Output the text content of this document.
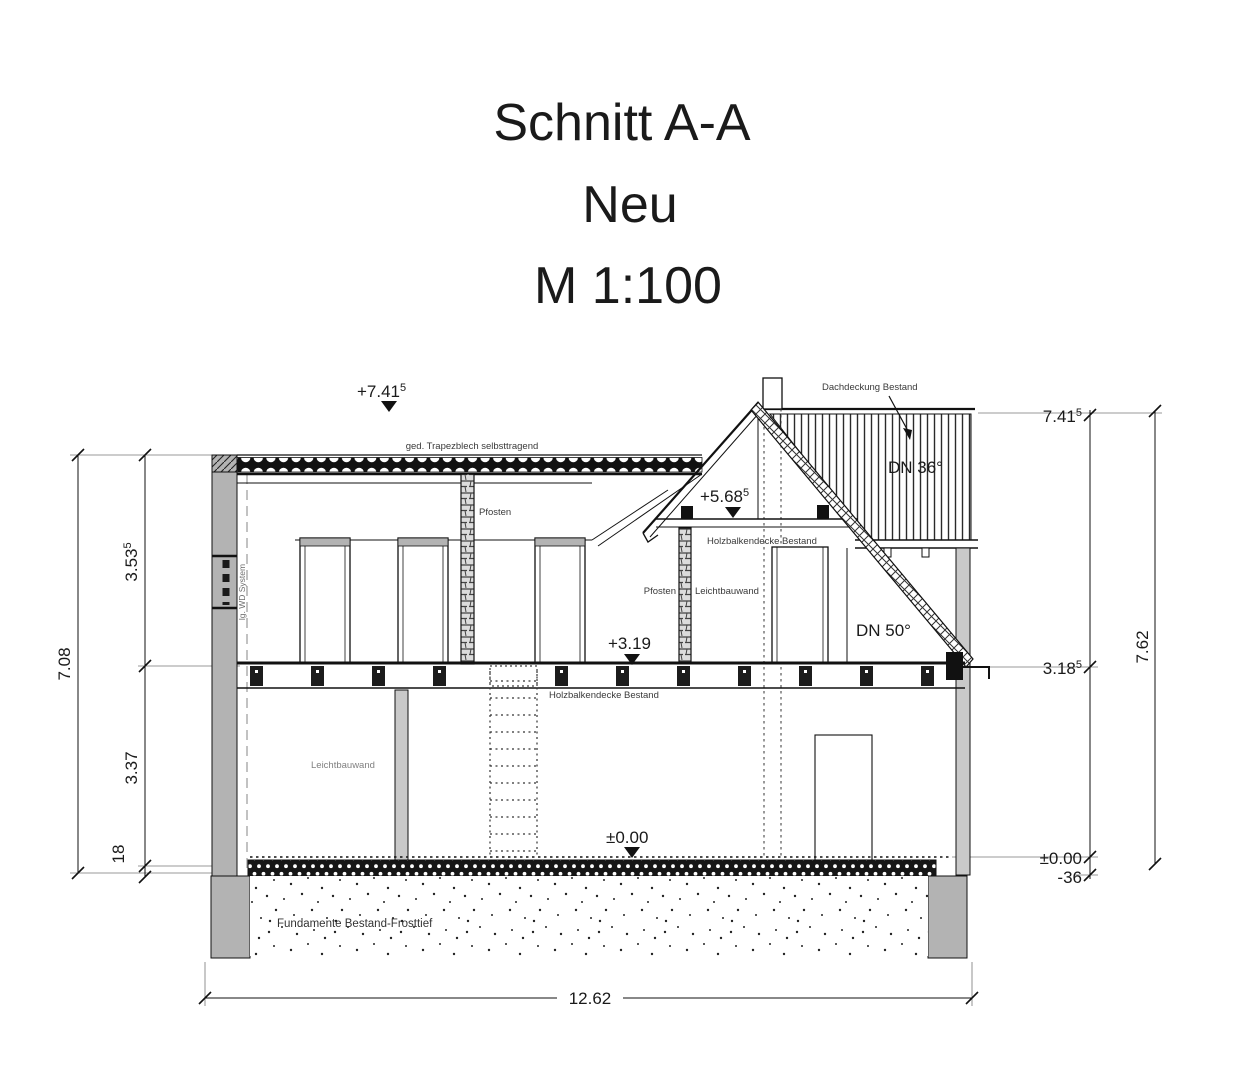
Schnitt A-A
Neu
M 1:100
7.08
3.53$^5$
3.37
18
7.41$^5$
$3.18^5$
±0.00
-36
7.62
12.62
lg. WD System
ged. Trapezblech selbsttragend
$+7.41^5$
Pfosten
DN 36°
Dachdeckung Bestand
$+5.68^5$
Holzbalkendecke Bestand
DN 50°
Pfosten Leichtbauwand
+3.19
Holzbalkendecke Bestand
Leichtbauwand
±0.00
Fundamente Bestand-Frosttief
